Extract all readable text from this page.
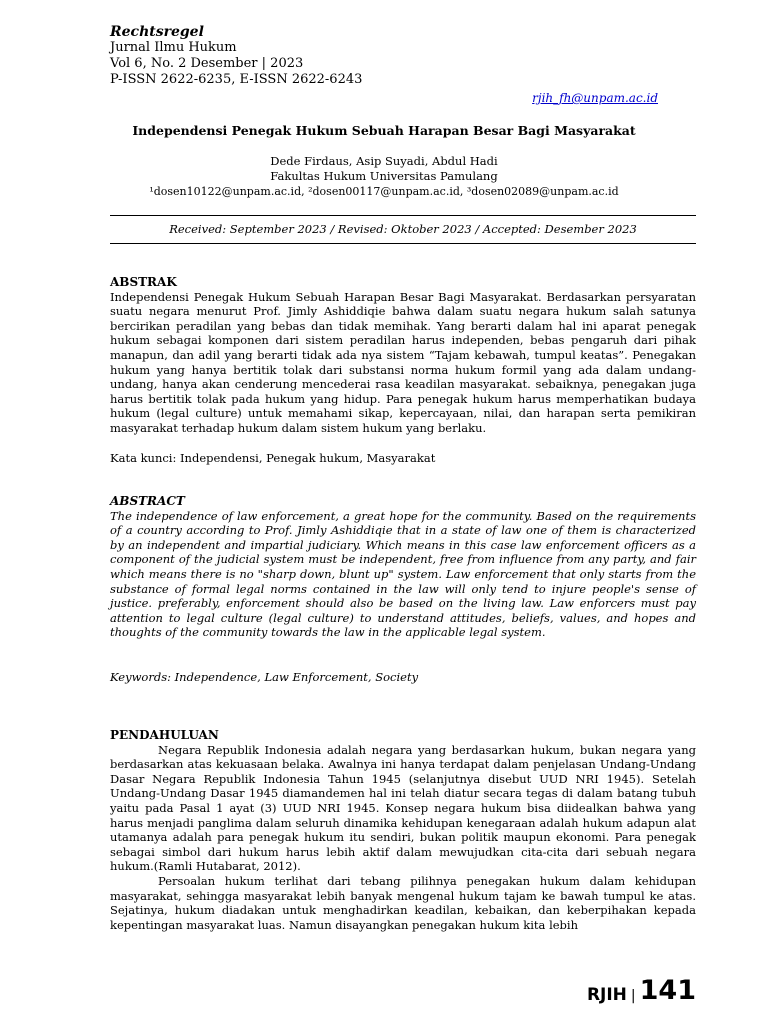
Rechtsregel
Jurnal Ilmu Hukum
Vol 6, No. 2 Desember | 2023
P-ISSN 2622-6235, E-ISSN 2622-6243
rjih_fh@unpam.ac.id
Independensi Penegak Hukum Sebuah Harapan Besar Bagi Masyarakat
Dede Firdaus, Asip Suyadi, Abdul Hadi
Fakultas Hukum Universitas Pamulang
¹dosen10122@unpam.ac.id, ²dosen00117@unpam.ac.id, ³dosen02089@unpam.ac.id
Received: September 2023 / Revised: Oktober 2023 / Accepted: Desember 2023
ABSTRAK

Independensi Penegak Hukum Sebuah Harapan Besar Bagi Masyarakat. Berdasarkan persyaratan suatu negara menurut Prof. Jimly Ashiddiqie bahwa dalam suatu negara hukum salah satunya bercirikan peradilan yang bebas dan tidak memihak. Yang berarti dalam hal ini aparat penegak hukum sebagai komponen dari sistem peradilan harus independen, bebas pengaruh dari pihak manapun, dan adil yang berarti tidak ada nya sistem “Tajam kebawah, tumpul keatas”. Penegakan hukum yang hanya bertitik tolak dari substansi norma hukum formil yang ada dalam undang-undang, hanya akan cenderung mencederai rasa keadilan masyarakat. sebaiknya, penegakan juga harus bertitik tolak pada hukum yang hidup. Para penegak hukum harus memperhatikan budaya hukum (legal culture) untuk memahami sikap, kepercayaan, nilai, dan harapan serta pemikiran masyarakat terhadap hukum dalam sistem hukum yang berlaku.

Kata kunci: Independensi, Penegak hukum, Masyarakat
ABSTRACT

The independence of law enforcement, a great hope for the community. Based on the requirements of a country according to Prof. Jimly Ashiddiqie that in a state of law one of them is characterized by an independent and impartial judiciary. Which means in this case law enforcement officers as a component of the judicial system must be independent, free from influence from any party, and fair which means there is no "sharp down, blunt up" system. Law enforcement that only starts from the substance of formal legal norms contained in the law will only tend to injure people's sense of justice. preferably, enforcement should also be based on the living law. Law enforcers must pay attention to legal culture (legal culture) to understand attitudes, beliefs, values, and hopes and thoughts of the community towards the law in the applicable legal system.

Keywords: Independence, Law Enforcement, Society
PENDAHULUAN

Negara Republik Indonesia adalah negara yang berdasarkan hukum, bukan negara yang berdasarkan atas kekuasaan belaka. Awalnya ini hanya terdapat dalam penjelasan Undang-Undang Dasar Negara Republik Indonesia Tahun 1945 (selanjutnya disebut UUD NRI 1945). Setelah Undang-Undang Dasar 1945 diamandemen hal ini telah diatur secara tegas di dalam batang tubuh yaitu pada Pasal 1 ayat (3) UUD NRI 1945. Konsep negara hukum bisa diidealkan bahwa yang harus menjadi panglima dalam seluruh dinamika kehidupan kenegaraan adalah hukum adapun alat utamanya adalah para penegak hukum itu sendiri, bukan politik maupun ekonomi. Para penegak sebagai simbol dari hukum harus lebih aktif dalam mewujudkan cita-cita dari sebuah negara hukum.(Ramli Hutabarat, 2012).

Persoalan hukum terlihat dari tebang pilihnya penegakan hukum dalam kehidupan masyarakat, sehingga masyarakat lebih banyak mengenal hukum tajam ke bawah tumpul ke atas. Sejatinya, hukum diadakan untuk menghadirkan keadilan, kebaikan, dan keberpihakan kepada kepentingan masyarakat luas. Namun disayangkan penegakan hukum kita lebih

RJIH | 141
